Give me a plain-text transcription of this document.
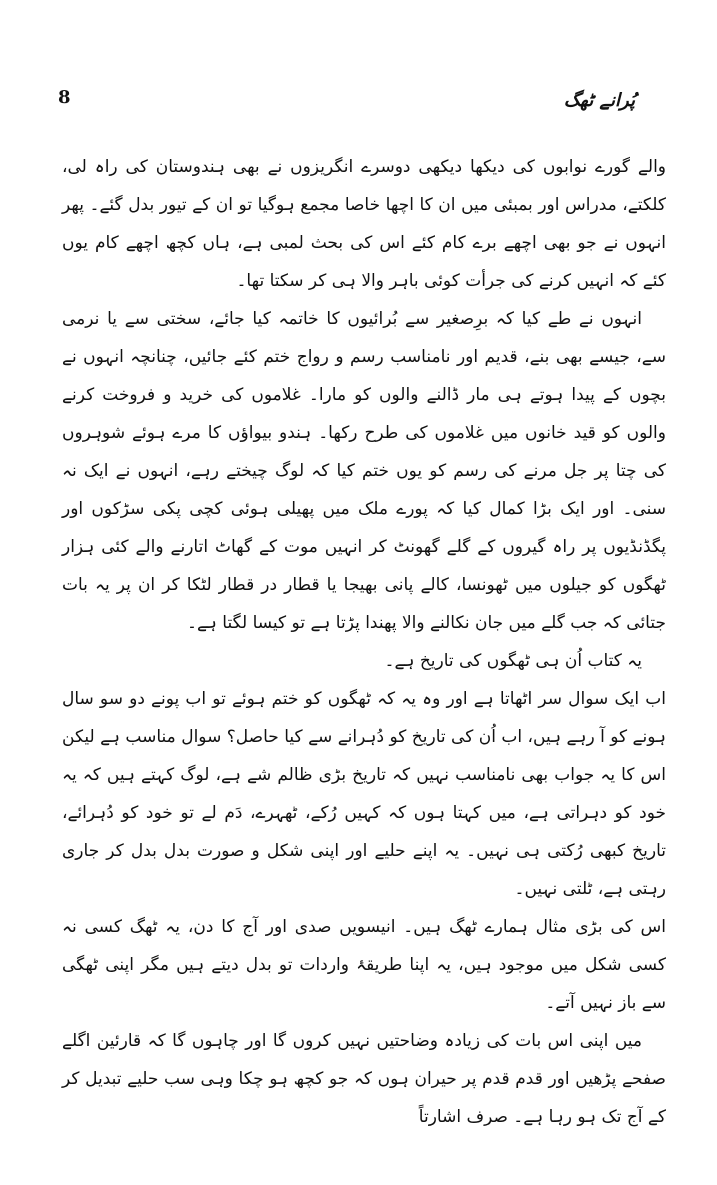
8	پُرانے ٹھگ

والے گورے نوابوں کی دیکھا دیکھی دوسرے انگریزوں نے بھی ہندوستان کی راہ لی، کلکتے، مدراس اور بمبئی میں ان کا اچھا خاصا مجمع ہوگیا تو ان کے تیور بدل گئے۔ پھر انہوں نے جو بھی اچھے برے کام کئے اس کی بحث لمبی ہے، ہاں کچھ اچھے کام یوں کئے کہ انہیں کرنے کی جرأت کوئی باہر والا ہی کر سکتا تھا۔

انہوں نے طے کیا کہ برِصغیر سے بُرائیوں کا خاتمہ کیا جائے، سختی سے یا نرمی سے، جیسے بھی بنے، قدیم اور نامناسب رسم و رواج ختم کئے جائیں، چنانچہ انہوں نے بچوں کے پیدا ہوتے ہی مار ڈالنے والوں کو مارا۔ غلاموں کی خرید و فروخت کرنے والوں کو قید خانوں میں غلاموں کی طرح رکھا۔ ہندو بیواؤں کا مرے ہوئے شوہروں کی چتا پر جل مرنے کی رسم کو یوں ختم کیا کہ لوگ چیختے رہے، انہوں نے ایک نہ سنی۔ اور ایک بڑا کمال کیا کہ پورے ملک میں پھیلی ہوئی کچی پکی سڑکوں اور پگڈنڈیوں پر راہ گیروں کے گلے گھونٹ کر انہیں موت کے گھاٹ اتارنے والے کئی ہزار ٹھگوں کو جیلوں میں ٹھونسا، کالے پانی بھیجا یا قطار در قطار لٹکا کر ان پر یہ بات جتائی کہ جب گلے میں جان نکالنے والا پھندا پڑتا ہے تو کیسا لگتا ہے۔

یہ کتاب اُن ہی ٹھگوں کی تاریخ ہے۔

اب ایک سوال سر اٹھاتا ہے اور وہ یہ کہ ٹھگوں کو ختم ہوئے تو اب پونے دو سو سال ہونے کو آ رہے ہیں، اب اُن کی تاریخ کو دُہرانے سے کیا حاصل؟ سوال مناسب ہے لیکن اس کا یہ جواب بھی نامناسب نہیں کہ تاریخ بڑی ظالم شے ہے، لوگ کہتے ہیں کہ یہ خود کو دہراتی ہے، میں کہتا ہوں کہ کہیں رُکے، ٹھہرے، دَم لے تو خود کو دُہرائے، تاریخ کبھی رُکتی ہی نہیں۔ یہ اپنے حلیے اور اپنی شکل و صورت بدل بدل کر جاری رہتی ہے، ٹلتی نہیں۔

اس کی بڑی مثال ہمارے ٹھگ ہیں۔ انیسویں صدی اور آج کا دن، یہ ٹھگ کسی نہ کسی شکل میں موجود ہیں، یہ اپنا طریقۂ واردات تو بدل دیتے ہیں مگر اپنی ٹھگی سے باز نہیں آتے۔

میں اپنی اس بات کی زیادہ وضاحتیں نہیں کروں گا اور چاہوں گا کہ قارئین اگلے صفحے پڑھیں اور قدم قدم پر حیران ہوں کہ جو کچھ ہو چکا وہی سب حلیے تبدیل کر کے آج تک ہو رہا ہے۔ صرف اشارتاً
